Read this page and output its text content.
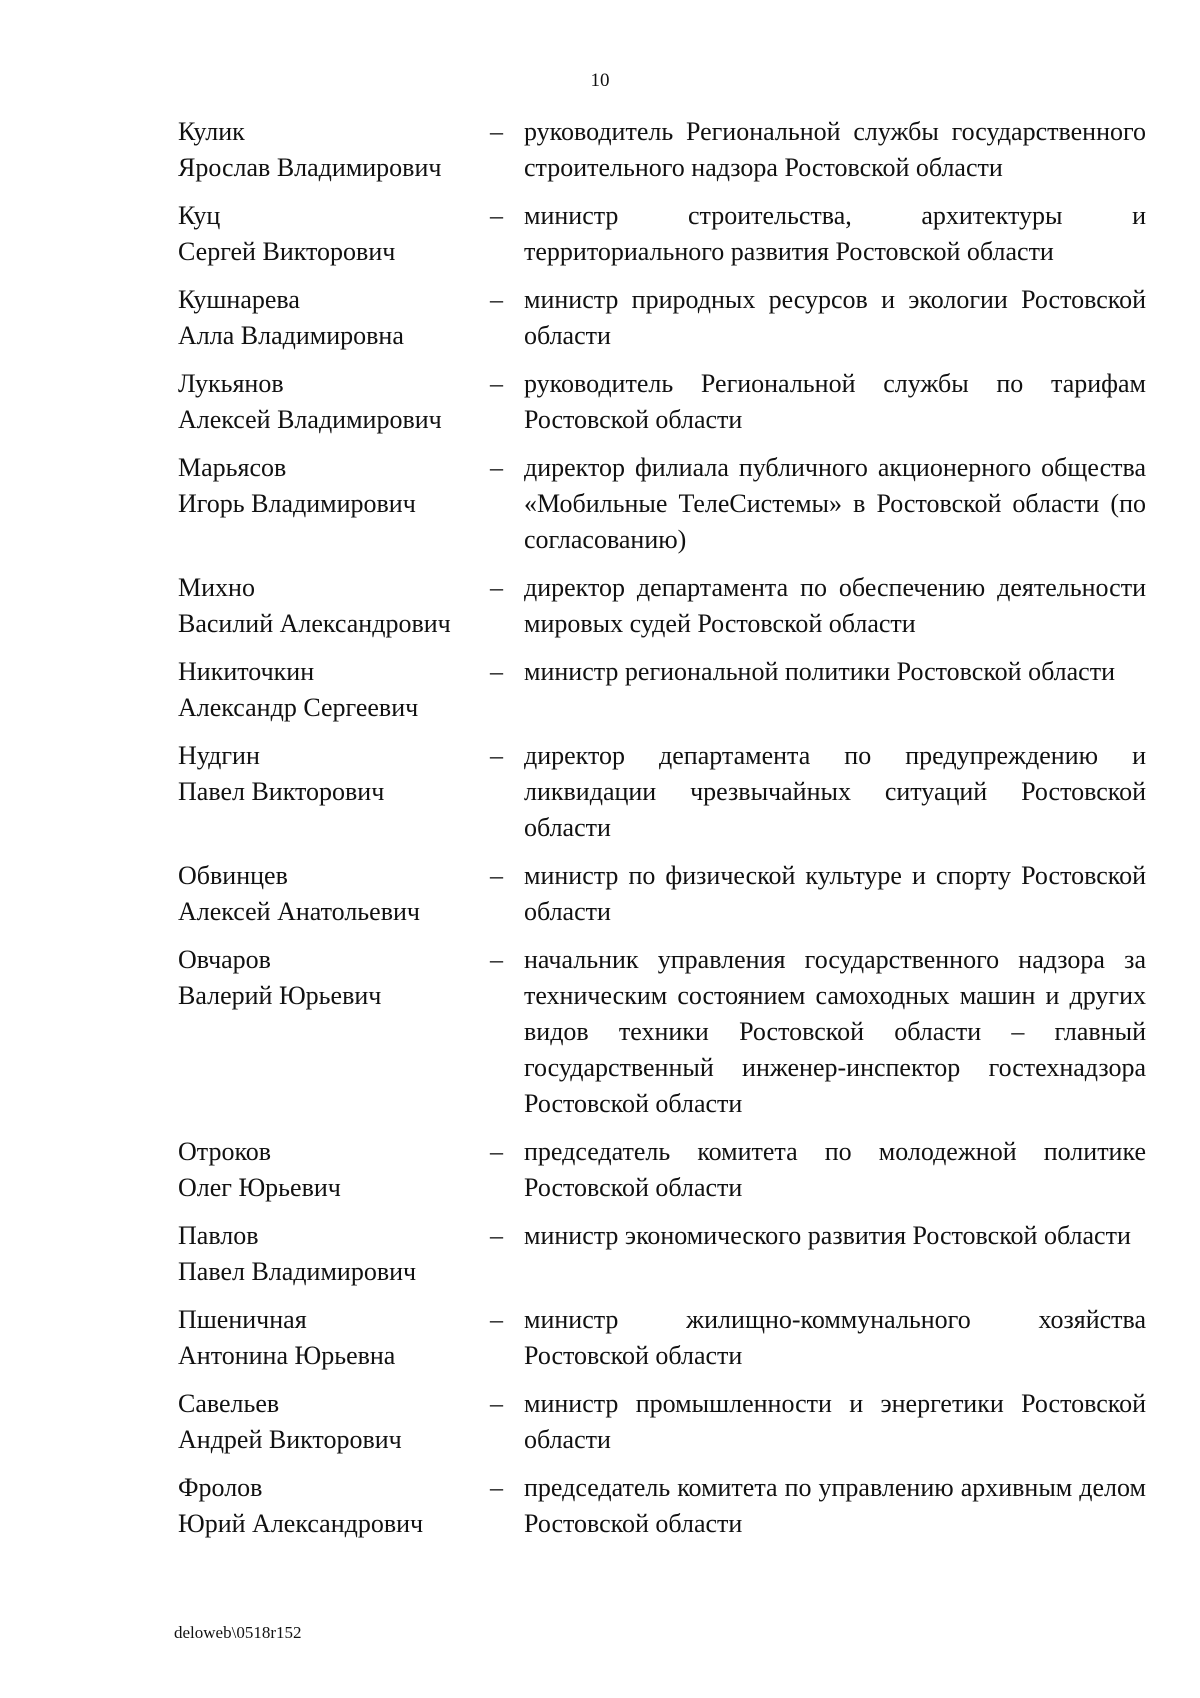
10
Кулик
Ярослав Владимирович
– руководитель Региональной службы государственного строительного надзора Ростовской области
Куц
Сергей Викторович
– министр строительства, архитектуры и территориального развития Ростовской области
Кушнарева
Алла Владимировна
– министр природных ресурсов и экологии Ростовской области
Лукьянов
Алексей Владимирович
– руководитель Региональной службы по тарифам Ростовской области
Марьясов
Игорь Владимирович
– директор филиала публичного акционерного общества «Мобильные ТелеСистемы» в Ростовской области (по согласованию)
Михно
Василий Александрович
– директор департамента по обеспечению деятельности мировых судей Ростовской области
Никиточкин
Александр Сергеевич
– министр региональной политики Ростовской области
Нудгин
Павел Викторович
– директор департамента по предупреждению и ликвидации чрезвычайных ситуаций Ростовской области
Обвинцев
Алексей Анатольевич
– министр по физической культуре и спорту Ростовской области
Овчаров
Валерий Юрьевич
– начальник управления государственного надзора за техническим состоянием самоходных машин и других видов техники Ростовской области – главный государственный инженер-инспектор гостехнадзора Ростовской области
Отроков
Олег Юрьевич
– председатель комитета по молодежной политике Ростовской области
Павлов
Павел Владимирович
– министр экономического развития Ростовской области
Пшеничная
Антонина Юрьевна
– министр жилищно-коммунального хозяйства Ростовской области
Савельев
Андрей Викторович
– министр промышленности и энергетики Ростовской области
Фролов
Юрий Александрович
– председатель комитета по управлению архивным делом Ростовской области
deloweb\0518r152
